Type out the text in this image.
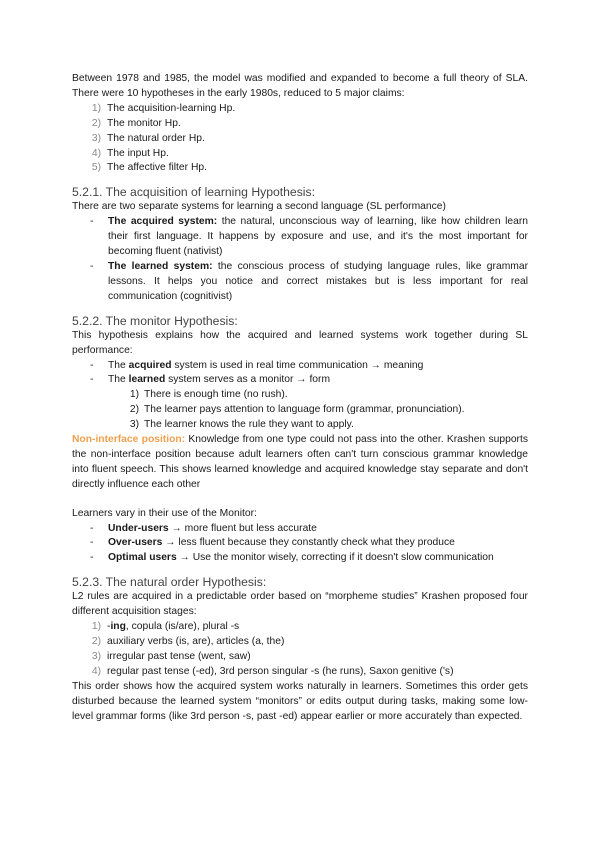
Between 1978 and 1985, the model was modified and expanded to become a full theory of SLA. There were 10 hypotheses in the early 1980s, reduced to 5 major claims:

1) The acquisition-learning Hp.
2) The monitor Hp.
3) The natural order Hp.
4) The input Hp.
5) The affective filter Hp.
5.2.1. The acquisition of learning Hypothesis:

There are two separate systems for learning a second language (SL performance)

- The acquired system: the natural, unconscious way of learning, like how children learn their first language. It happens by exposure and use, and it's the most important for becoming fluent (nativist)
- The learned system: the conscious process of studying language rules, like grammar lessons. It helps you notice and correct mistakes but is less important for real communication (cognitivist)
5.2.2. The monitor Hypothesis:

This hypothesis explains how the acquired and learned systems work together during SL performance:

- The acquired system is used in real time communication → meaning
- The learned system serves as a monitor → form
1) There is enough time (no rush).
2) The learner pays attention to language form (grammar, pronunciation).
3) The learner knows the rule they want to apply.

Non-interface position: Knowledge from one type could not pass into the other. Krashen supports the non-interface position because adult learners often can't turn conscious grammar knowledge into fluent speech. This shows learned knowledge and acquired knowledge stay separate and don't directly influence each other

Learners vary in their use of the Monitor:

- Under-users → more fluent but less accurate
- Over-users → less fluent because they constantly check what they produce
- Optimal users → Use the monitor wisely, correcting if it doesn't slow communication
5.2.3. The natural order Hypothesis:

L2 rules are acquired in a predictable order based on “morpheme studies” Krashen proposed four different acquisition stages:

1) -ing, copula (is/are), plural -s
2) auxiliary verbs (is, are), articles (a, the)
3) irregular past tense (went, saw)
4) regular past tense (-ed), 3rd person singular -s (he runs), Saxon genitive ('s)

This order shows how the acquired system works naturally in learners. Sometimes this order gets disturbed because the learned system “monitors” or edits output during tasks, making some low-level grammar forms (like 3rd person -s, past -ed) appear earlier or more accurately than expected.
